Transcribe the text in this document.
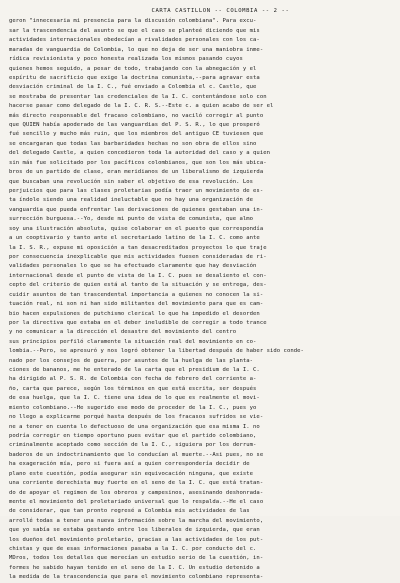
CARTA CASTILLON -- COLOMBIA -- 2 --
geron "innecesaria mi presencia para la discusión colombiana". Para excu-
sar la trascendencia del asunto se que el caso se planteé diciendo que mis
actividades internacionales obedecían a rivalidades personales con los ca-
maradas de vanguardia de Colombia, lo que no deja de ser una maniobra inme-
rídica revisionista y poco honesta realizada los mismos pasando cuyos
quienes hemos seguido, a pesar de todo, trabajando con la abnegación y el
espíritu de sacrificio que exige la doctrina comunista,--para agravar esta
desviación criminal de la I. C., fué enviado a Colombia el c. Castle, que
se mostraba de presentar las credenciales de la I. C. contentándose solo con
hacerse pasar como delegado de la I. C. R. S.--Este c. a quien acabo de ser el
más directo responsable del fracaso colombiano, no vaciló corregir al punto
que QUIEN había apoderado de las vanguardias del P. S. R., lo que prosperó
fué sencillo y mucho más ruin, que los miembros del antiguo CE tuviesen que
se encargaran que todas las barbaridades hechas no son obra de ellos sino
del delegado Castle, a quien concedieron toda la autoridad del caso y a quien
sin más fue solicitado por los pacíficos colombianos, que son los más ubica-
bros de un partido de clase, eran meridianos de un liberalismo de izquierda
que buscaban una revolución sin saber el objetivo de esa revolución. Los
perjuicios que para las clases proletarias podía traer un movimiento de es-
ta índole siendo una realidad ineluctable que no hay una organización de
vanguardia que pueda enfrentar las derivaciones de quienes gestaban una in-
surrección burguesa.--Yo, desde mi punto de vista de comunista, que almo
soy una ilustración absoluta, quise colaborar en el puesto que correspondía
a un cooptivario y tanto ante el secretariado latino de la I. C. como ante
la I. S. R., expuse mi oposición a tan desacreditados proyectos lo que traje
por consecuencia inexplicable que mis actividades fuesen consideradas de ri-
validades personales lo que se ha efectuado claramente que hay desviación
internacional desde el punto de vista de la I. C. pues se desaliento el con-
cepto del criterio de quien está al tanto de la situación y se entrega, des-
cuidir asuntos de tan trascendental importancia a quienes no conocen la si-
tuación real, ni son ni han sido militantes del movimiento para que es cam-
bio hacen expulsiones de putchismo clerical lo que ha impedido el desorden
por la directiva que estaba en el deber ineludible de corregir a todo trance
y no comunicar a la dirección el desastre del movimiento del centro
sus principios perfiló claramente la situación real del movimiento en co-
lombia.--Pero, se apresuró y nos logró obtener la libertad después de haber sido conde-
nado por los consejos de guerra, por asuntos de la huelga de las planta-
ciones de bananos, me he enterado de la carta que el presidium de la I. C.
ha dirigido al P. S. R. de Colombia con fecha de febrero del corriente a-
ño, carta que parece, según los términos en que está escrita, ser después
de esa huelga, que la I. C. tiene una idea de lo que es realmente el movi-
miento colombiano.--He sugerido ese modo de proceder de la I. C., pues yo
no llego a explicarme porqué hasta después de los fracasos sufridos se vie-
ne a tener en cuenta lo defectuoso de una organización que esa misma I. no
podría corregir en tiempo oportuno pues evitar que el partido colombiano,
criminalmente aceptado como sección de la I. C., siguiera por los derrum-
baderos de un indoctrinamiento que lo conducían al muerte.--Asi pues, no se
ha exageración mía, pero si fuera así a quien correspondería decidir de
plano este cuestión, podía asegurar sin equivocación ninguna, que existe
una corriente derechista muy fuerte en el seno de la I. C. que está tratan-
do de apoyar el regimen de los obreros y campesinos, asesinando deshonrada-
mente el movimiento del proletariado universal que lo respalda.--He el caso
de considerar, que tan pronto regresé a Colombia mis actividades de las
arrollé todas a tener una nueva información sobre la marcha del movimiento,
que yo sabía se estaba gestando entre los liberales de izquierda, que eran
los dueños del movimiento proletario, gracias a las actividades de los put-
chistas y que de esas informaciones pasaba a la I. C. por conducto del c.
MDros, todos los detalles que merecían un estudio serio de la cuestión, in-
formes he sabido hayan tenido en el seno de la I. C. Un estudio detenido a
la medida de la trascendencia que para el movimiento colombiano representa-
